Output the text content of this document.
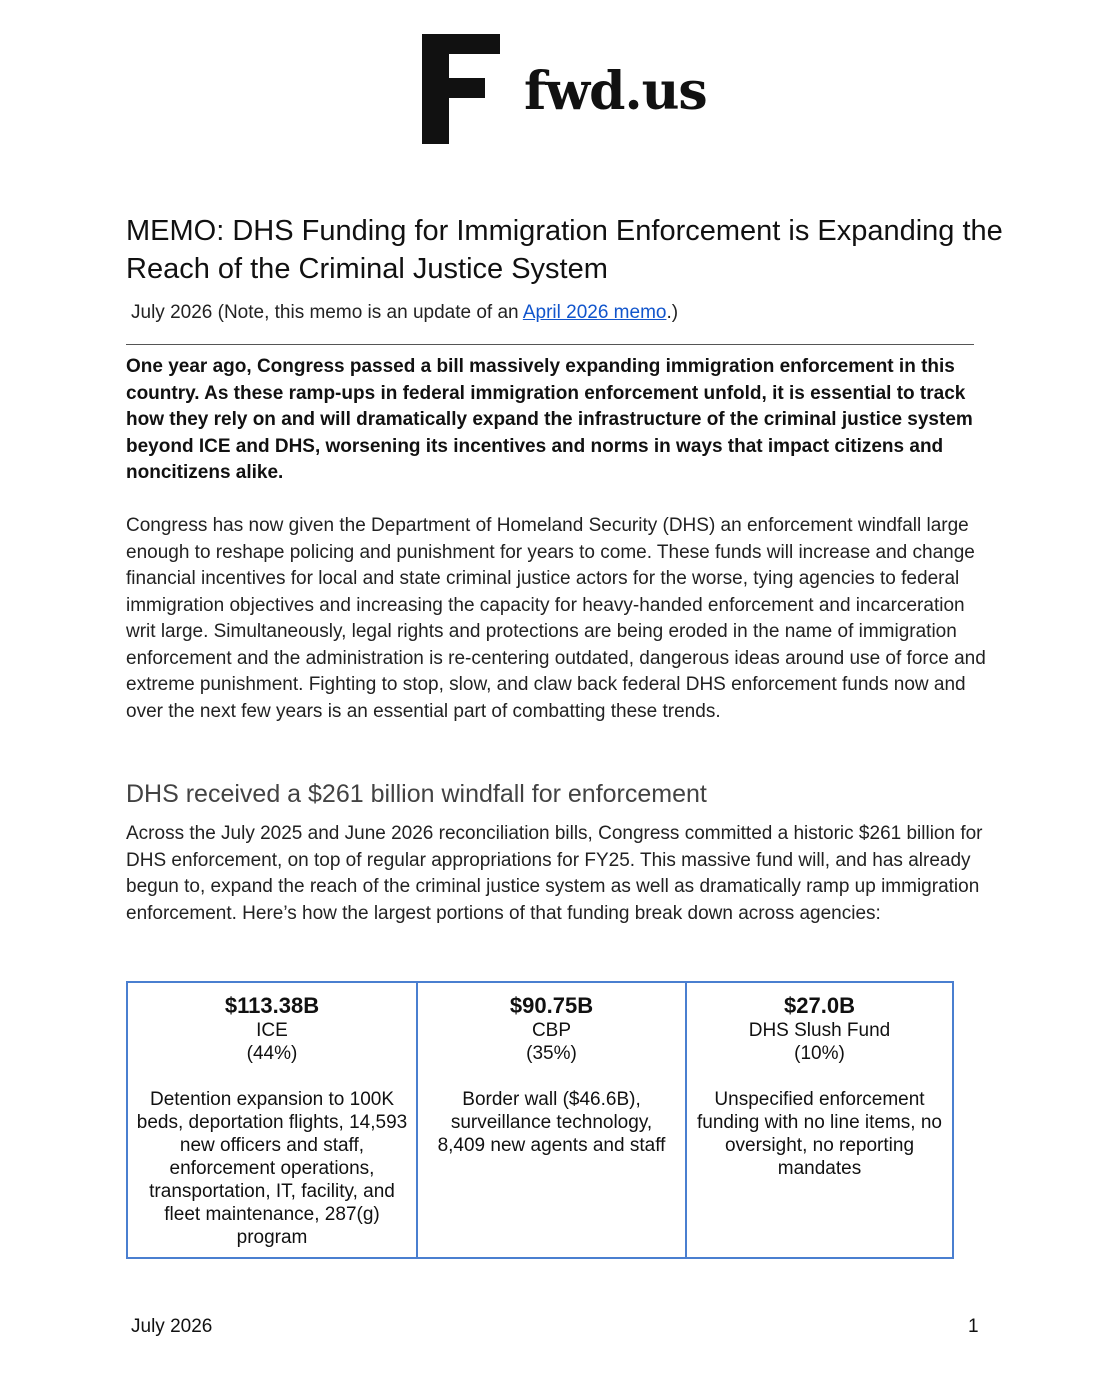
fwd.us
MEMO: DHS Funding for Immigration Enforcement is Expanding the Reach of the Criminal Justice System
July 2026 (Note, this memo is an update of an April 2026 memo.)

One year ago, Congress passed a bill massively expanding immigration enforcement in this country. As these ramp-ups in federal immigration enforcement unfold, it is essential to track how they rely on and will dramatically expand the infrastructure of the criminal justice system beyond ICE and DHS, worsening its incentives and norms in ways that impact citizens and noncitizens alike.

Congress has now given the Department of Homeland Security (DHS) an enforcement windfall large enough to reshape policing and punishment for years to come. These funds will increase and change financial incentives for local and state criminal justice actors for the worse, tying agencies to federal immigration objectives and increasing the capacity for heavy-handed enforcement and incarceration writ large. Simultaneously, legal rights and protections are being eroded in the name of immigration enforcement and the administration is re-centering outdated, dangerous ideas around use of force and extreme punishment. Fighting to stop, slow, and claw back federal DHS enforcement funds now and over the next few years is an essential part of combatting these trends.

DHS received a $261 billion windfall for enforcement

Across the July 2025 and June 2026 reconciliation bills, Congress committed a historic $261 billion for DHS enforcement, on top of regular appropriations for FY25. This massive fund will, and has already begun to, expand the reach of the criminal justice system as well as dramatically ramp up immigration enforcement. Here’s how the largest portions of that funding break down across agencies:

$113.38B
ICE
(44%)
Detention expansion to 100K beds, deportation flights, 14,593 new officers and staff, enforcement operations, transportation, IT, facility, and fleet maintenance, 287(g) program

$90.75B
CBP
(35%)
Border wall ($46.6B), surveillance technology, 8,409 new agents and staff

$27.0B
DHS Slush Fund
(10%)
Unspecified enforcement funding with no line items, no oversight, no reporting mandates
July 2026	1
